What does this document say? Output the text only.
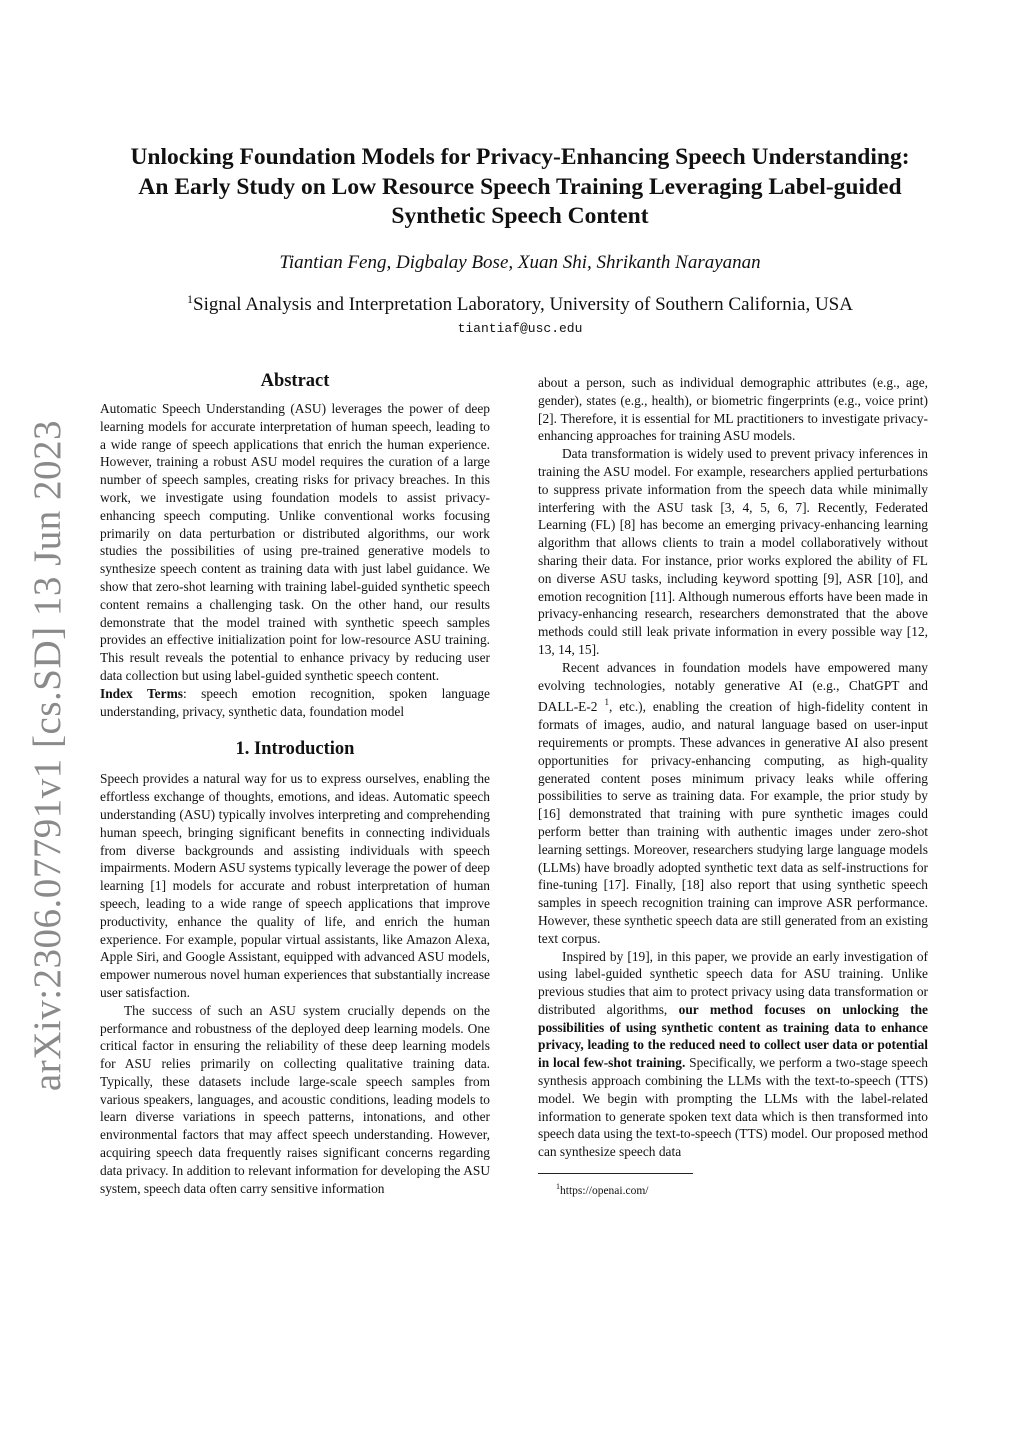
arXiv:2306.07791v1 [cs.SD] 13 Jun 2023
Unlocking Foundation Models for Privacy-Enhancing Speech Understanding:
An Early Study on Low Resource Speech Training Leveraging Label-guided
Synthetic Speech Content

Tiantian Feng, Digbalay Bose, Xuan Shi, Shrikanth Narayanan

$^1$Signal Analysis and Interpretation Laboratory, University of Southern California, USA

tiantiaf@usc.edu

Abstract

Automatic Speech Understanding (ASU) leverages the power of deep learning models for accurate interpretation of human speech, leading to a wide range of speech applications that enrich the human experience. However, training a robust ASU model requires the curation of a large number of speech samples, creating risks for privacy breaches. In this work, we investigate using foundation models to assist privacy-enhancing speech computing. Unlike conventional works focusing primarily on data perturbation or distributed algorithms, our work studies the possibilities of using pre-trained generative models to synthesize speech content as training data with just label guidance. We show that zero-shot learning with training label-guided synthetic speech content remains a challenging task. On the other hand, our results demonstrate that the model trained with synthetic speech samples provides an effective initialization point for low-resource ASU training. This result reveals the potential to enhance privacy by reducing user data collection but using label-guided synthetic speech content.

Index Terms: speech emotion recognition, spoken language understanding, privacy, synthetic data, foundation model

1. Introduction

Speech provides a natural way for us to express ourselves, enabling the effortless exchange of thoughts, emotions, and ideas. Automatic speech understanding (ASU) typically involves interpreting and comprehending human speech, bringing significant benefits in connecting individuals from diverse backgrounds and assisting individuals with speech impairments. Modern ASU systems typically leverage the power of deep learning [1] models for accurate and robust interpretation of human speech, leading to a wide range of speech applications that improve productivity, enhance the quality of life, and enrich the human experience. For example, popular virtual assistants, like Amazon Alexa, Apple Siri, and Google Assistant, equipped with advanced ASU models, empower numerous novel human experiences that substantially increase user satisfaction.

The success of such an ASU system crucially depends on the performance and robustness of the deployed deep learning models. One critical factor in ensuring the reliability of these deep learning models for ASU relies primarily on collecting qualitative training data. Typically, these datasets include large-scale speech samples from various speakers, languages, and acoustic conditions, leading models to learn diverse variations in speech patterns, intonations, and other environmental factors that may affect speech understanding. However, acquiring speech data frequently raises significant concerns regarding data privacy. In addition to relevant information for developing the ASU system, speech data often carry sensitive information

about a person, such as individual demographic attributes (e.g., age, gender), states (e.g., health), or biometric fingerprints (e.g., voice print) [2]. Therefore, it is essential for ML practitioners to investigate privacy-enhancing approaches for training ASU models.

Data transformation is widely used to prevent privacy inferences in training the ASU model. For example, researchers applied perturbations to suppress private information from the speech data while minimally interfering with the ASU task [3, 4, 5, 6, 7]. Recently, Federated Learning (FL) [8] has become an emerging privacy-enhancing learning algorithm that allows clients to train a model collaboratively without sharing their data. For instance, prior works explored the ability of FL on diverse ASU tasks, including keyword spotting [9], ASR [10], and emotion recognition [11]. Although numerous efforts have been made in privacy-enhancing research, researchers demonstrated that the above methods could still leak private information in every possible way [12, 13, 14, 15].

Recent advances in foundation models have empowered many evolving technologies, notably generative AI (e.g., ChatGPT and DALL-E-2 $^1$, etc.), enabling the creation of high-fidelity content in formats of images, audio, and natural language based on user-input requirements or prompts. These advances in generative AI also present opportunities for privacy-enhancing computing, as high-quality generated content poses minimum privacy leaks while offering possibilities to serve as training data. For example, the prior study by [16] demonstrated that training with pure synthetic images could perform better than training with authentic images under zero-shot learning settings. Moreover, researchers studying large language models (LLMs) have broadly adopted synthetic text data as self-instructions for fine-tuning [17]. Finally, [18] also report that using synthetic speech samples in speech recognition training can improve ASR performance. However, these synthetic speech data are still generated from an existing text corpus.

Inspired by [19], in this paper, we provide an early investigation of using label-guided synthetic speech data for ASU training. Unlike previous studies that aim to protect privacy using data transformation or distributed algorithms, our method focuses on unlocking the possibilities of using synthetic content as training data to enhance privacy, leading to the reduced need to collect user data or potential in local few-shot training. Specifically, we perform a two-stage speech synthesis approach combining the LLMs with the text-to-speech (TTS) model. We begin with prompting the LLMs with the label-related information to generate spoken text data which is then transformed into speech data using the text-to-speech (TTS) model. Our proposed method can synthesize speech data

$^1$https://openai.com/
